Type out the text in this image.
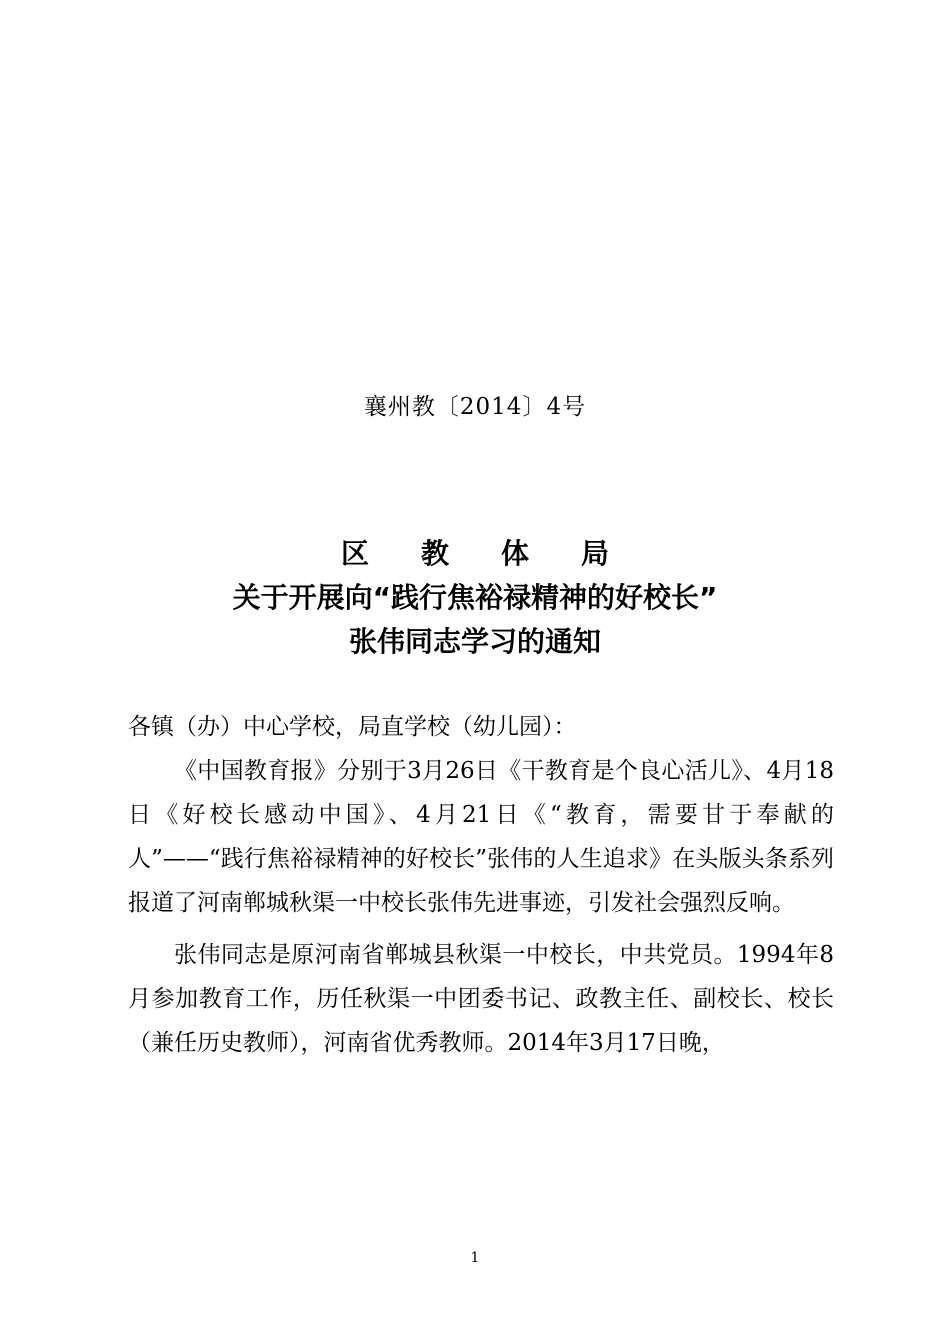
襄州教〔2014〕4号
区 教 体 局
关于开展向“践行焦裕禄精神的好校长”
张伟同志学习的通知

各镇（办）中心学校，局直学校（幼儿园）：

《中国教育报》分别于3月26日《干教育是个良心活儿》、4月18日《好校长感动中国》、4月21日《“教育，需要甘于奉献的人”——“践行焦裕禄精神的好校长”张伟的人生追求》在头版头条系列报道了河南郸城秋渠一中校长张伟先进事迹，引发社会强烈反响。

张伟同志是原河南省郸城县秋渠一中校长，中共党员。1994年8月参加教育工作，历任秋渠一中团委书记、政教主任、副校长、校长（兼任历史教师），河南省优秀教师。2014年3月17日晚，

1
